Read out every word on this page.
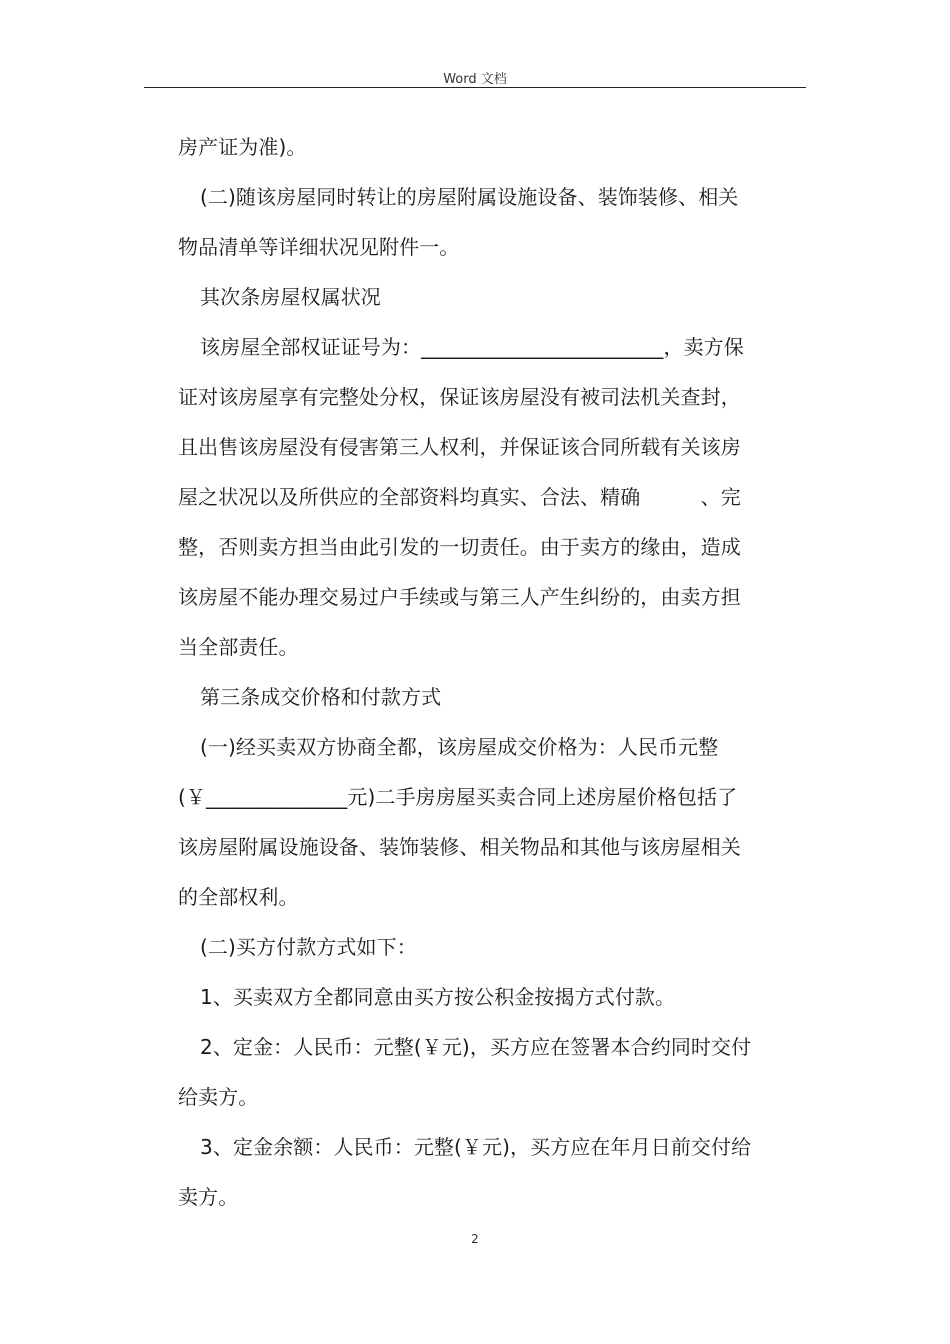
Word 文档
房产证为准)。
(二)随该房屋同时转让的房屋附属设施设备、装饰装修、相关
物品清单等详细状况见附件一。
其次条房屋权属状况
该房屋全部权证证号为：________________________，卖方保
证对该房屋享有完整处分权，保证该房屋没有被司法机关查封，
且出售该房屋没有侵害第三人权利，并保证该合同所载有关该房
屋之状况以及所供应的全部资料均真实、合法、精确　　　、完
整，否则卖方担当由此引发的一切责任。由于卖方的缘由，造成
该房屋不能办理交易过户手续或与第三人产生纠纷的，由卖方担
当全部责任。
第三条成交价格和付款方式
(一)经买卖双方协商全都，该房屋成交价格为：人民币元整
(￥______________元)二手房房屋买卖合同上述房屋价格包括了
该房屋附属设施设备、装饰装修、相关物品和其他与该房屋相关
的全部权利。
(二)买方付款方式如下：
1、买卖双方全都同意由买方按公积金按揭方式付款。
2、定金：人民币：元整(￥元)，买方应在签署本合约同时交付
给卖方。
3、定金余额：人民币：元整(￥元)，买方应在年月日前交付给
卖方。
2
